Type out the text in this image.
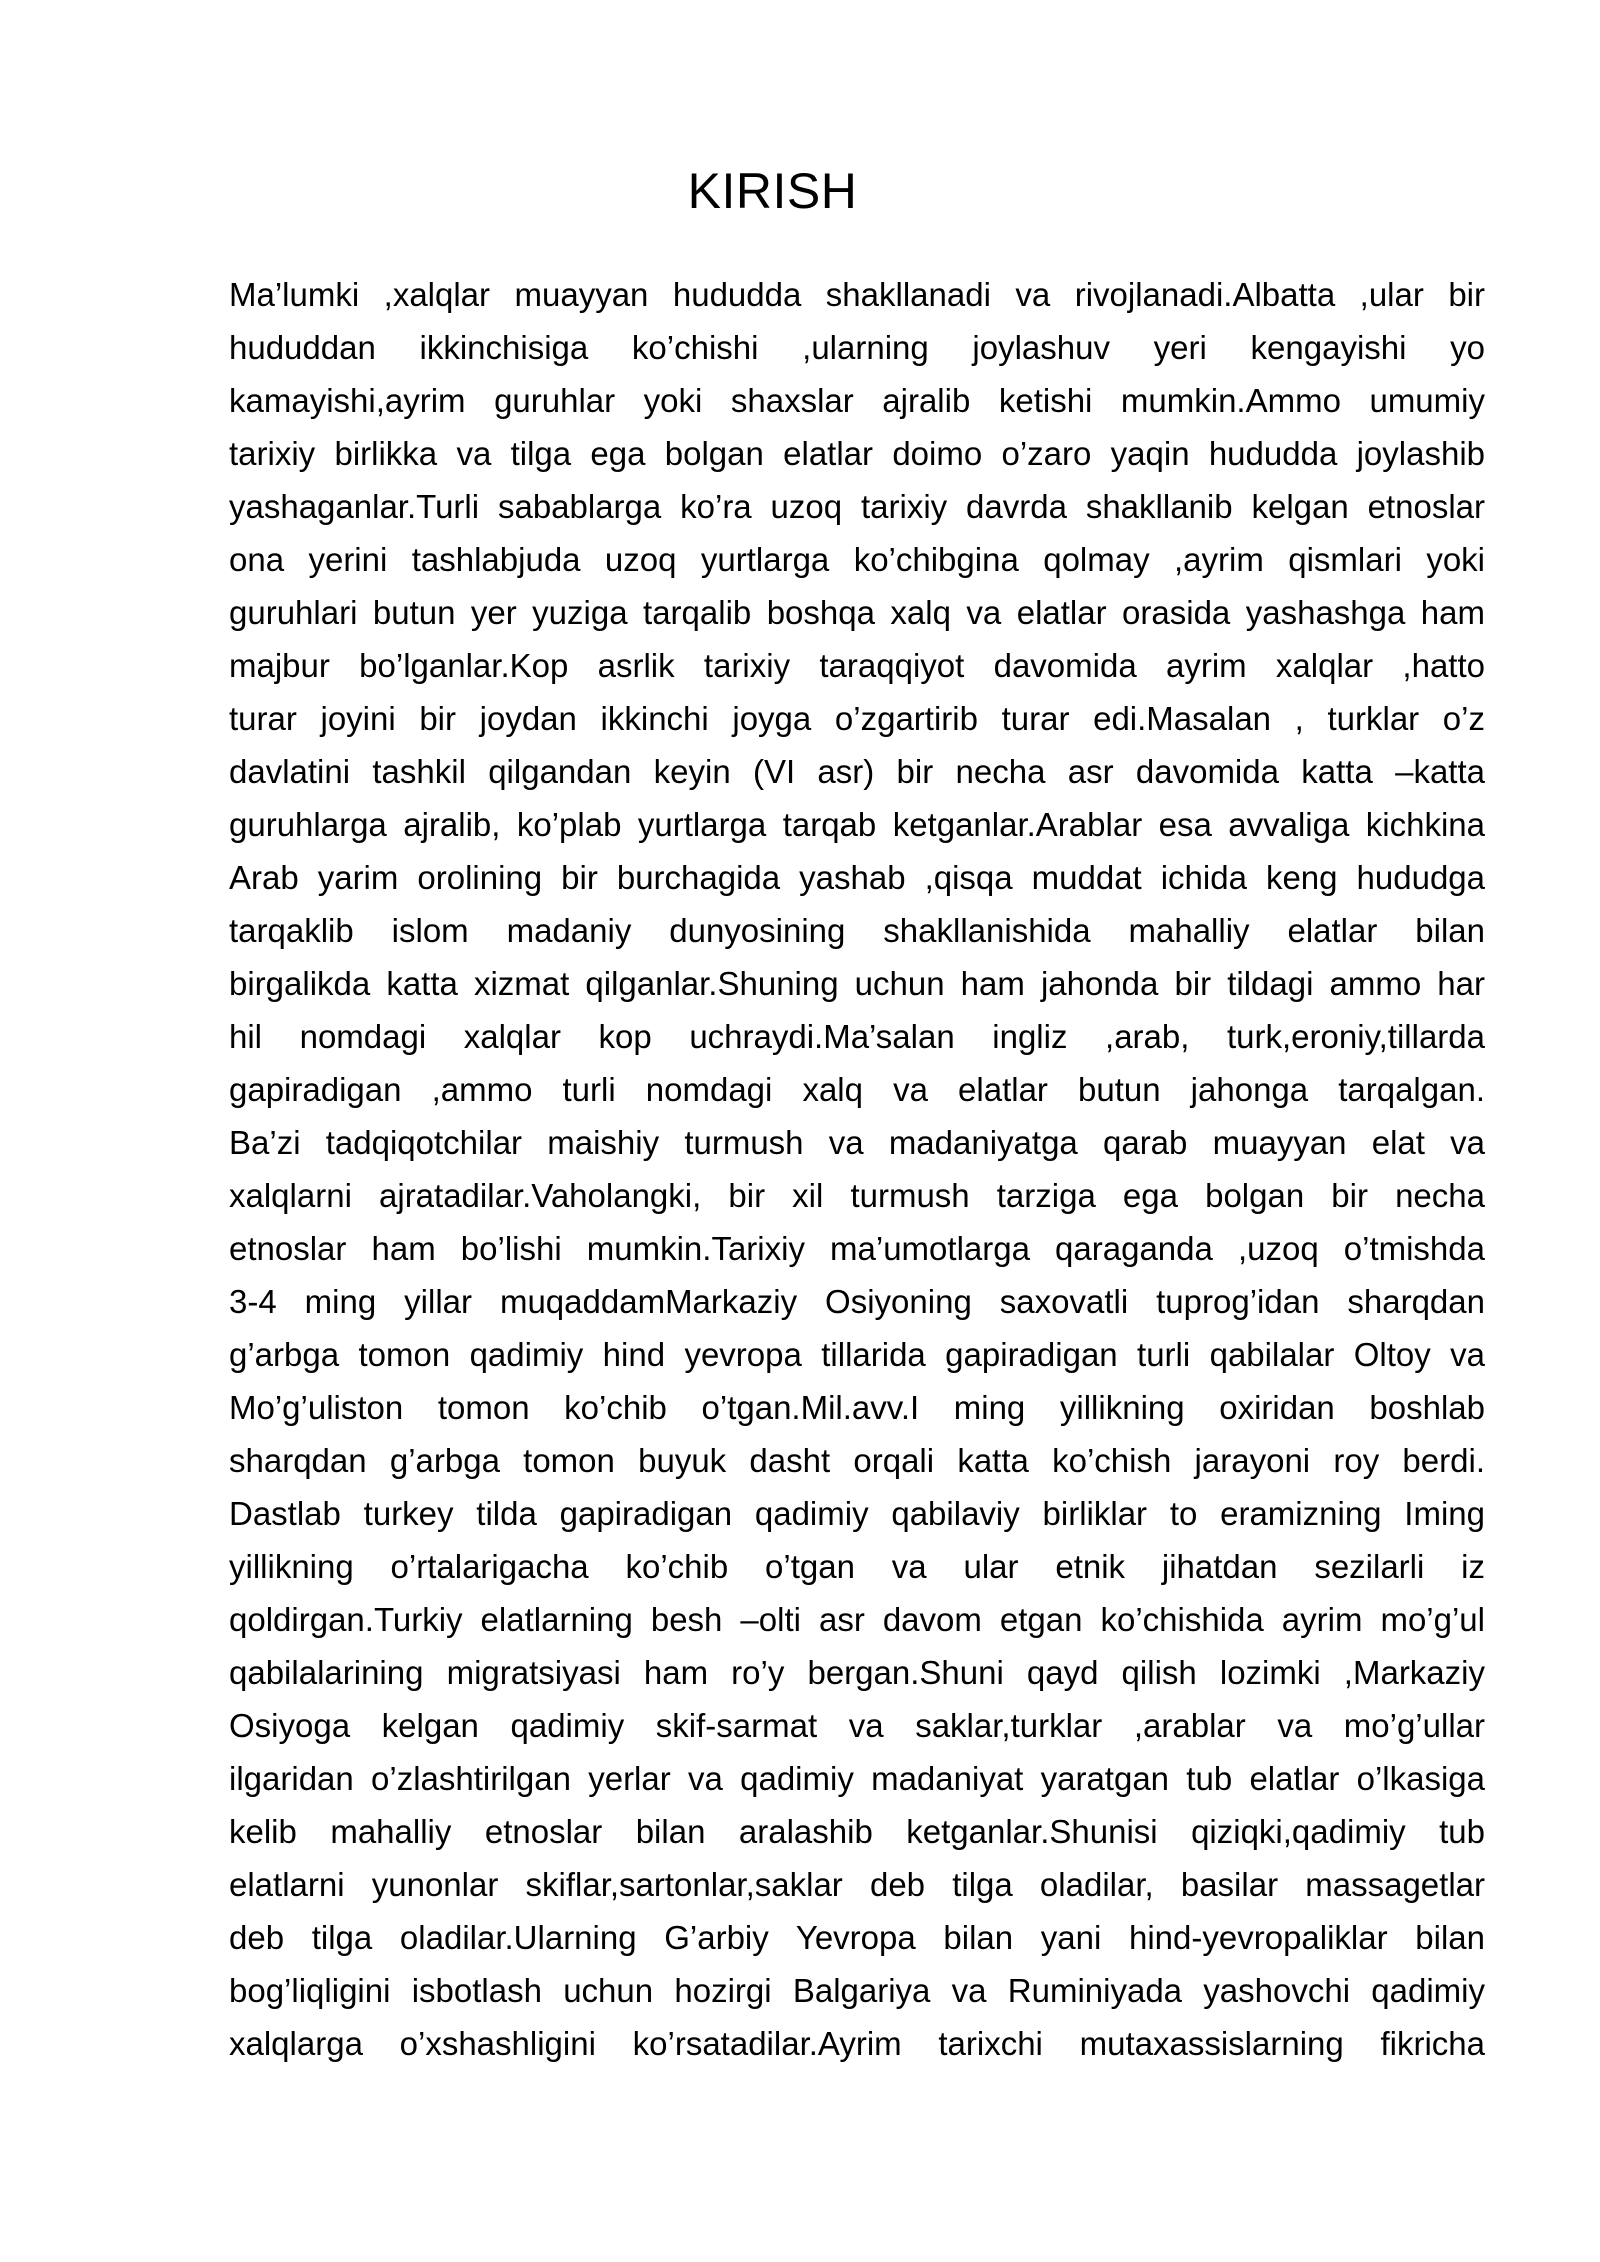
KIRISH
Ma’lumki ,xalqlar muayyan hududda shakllanadi va rivojlanadi.Albatta ,ular bir
hududdan ikkinchisiga ko’chishi ,ularning joylashuv yeri kengayishi yo
kamayishi,ayrim guruhlar yoki shaxslar ajralib ketishi mumkin.Ammo umumiy
tarixiy birlikka va tilga ega bolgan elatlar doimo o’zaro yaqin hududda joylashib
yashaganlar.Turli sabablarga ko’ra uzoq tarixiy davrda shakllanib kelgan etnoslar
ona yerini tashlabjuda uzoq yurtlarga ko’chibgina qolmay ,ayrim qismlari yoki
guruhlari butun yer yuziga tarqalib boshqa xalq va elatlar orasida yashashga ham
majbur bo’lganlar.Kop asrlik tarixiy taraqqiyot davomida ayrim xalqlar ,hatto
turar joyini bir joydan ikkinchi joyga o’zgartirib turar edi.Masalan , turklar o’z
davlatini tashkil qilgandan keyin (VI asr) bir necha asr davomida katta –katta
guruhlarga ajralib, ko’plab yurtlarga tarqab ketganlar.Arablar esa avvaliga kichkina
Arab yarim orolining bir burchagida yashab ,qisqa muddat ichida keng hududga
tarqaklib islom madaniy dunyosining shakllanishida mahalliy elatlar bilan
birgalikda katta xizmat qilganlar.Shuning uchun ham jahonda bir tildagi ammo har
hil nomdagi xalqlar kop uchraydi.Ma’salan ingliz ,arab, turk,eroniy,tillarda
gapiradigan ,ammo turli nomdagi xalq va elatlar butun jahonga tarqalgan.
Ba’zi tadqiqotchilar maishiy turmush va madaniyatga qarab muayyan elat va
xalqlarni ajratadilar.Vaholangki, bir xil turmush tarziga ega bolgan bir necha
etnoslar ham bo’lishi mumkin.Tarixiy ma’umotlarga qaraganda ,uzoq o’tmishda
3-4 ming yillar muqaddamMarkaziy Osiyoning saxovatli tuprog’idan sharqdan
g’arbga tomon qadimiy hind yevropa tillarida gapiradigan turli qabilalar Oltoy va
Mo’g’uliston tomon ko’chib o’tgan.Mil.avv.I ming yillikning oxiridan boshlab
sharqdan g’arbga tomon buyuk dasht orqali katta ko’chish jarayoni roy berdi.
Dastlab turkey tilda gapiradigan qadimiy qabilaviy birliklar to eramizning Iming
yillikning o’rtalarigacha ko’chib o’tgan va ular etnik jihatdan sezilarli iz
qoldirgan.Turkiy elatlarning besh –olti asr davom etgan ko’chishida ayrim mo’g’ul
qabilalarining migratsiyasi ham ro’y bergan.Shuni qayd qilish lozimki ,Markaziy
Osiyoga kelgan qadimiy skif-sarmat va saklar,turklar ,arablar va mo’g’ullar
ilgaridan o’zlashtirilgan yerlar va qadimiy madaniyat yaratgan tub elatlar o’lkasiga
kelib mahalliy etnoslar bilan aralashib ketganlar.Shunisi qiziqki,qadimiy tub
elatlarni yunonlar skiflar,sartonlar,saklar deb tilga oladilar, basilar massagetlar
deb tilga oladilar.Ularning G’arbiy Yevropa bilan yani hind-yevropaliklar bilan
bog’liqligini isbotlash uchun hozirgi Balgariya va Ruminiyada yashovchi qadimiy
xalqlarga o’xshashligini ko’rsatadilar.Ayrim tarixchi mutaxassislarning fikricha
